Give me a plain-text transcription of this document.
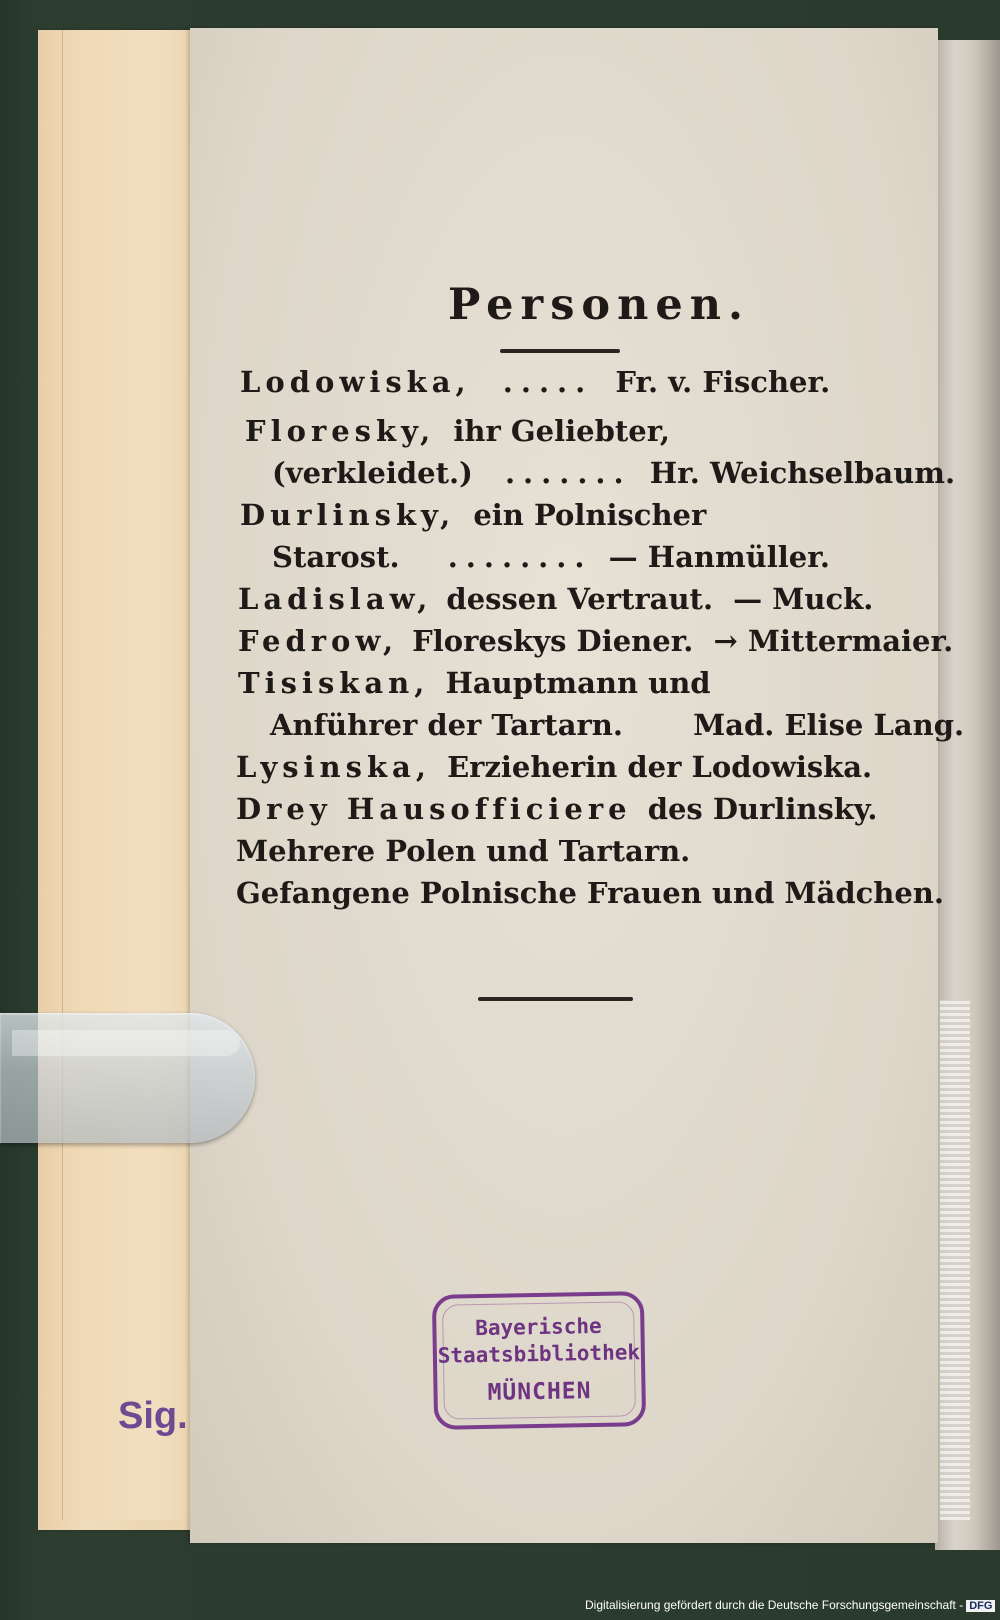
Personen.
Lodowiska, ..... Fr. v. Fischer.
Floresky, ihr Geliebter,
(verkleidet.) ....... Hr. Weichselbaum.
Durlinsky, ein Polnischer
Starost. ........ — Hanmüller.
Ladislaw, dessen Vertraut. — Muck.
Fedrow, Floreskys Diener. → Mittermaier.
Tisiskan, Hauptmann und
Anführer der Tartarn. Mad. Elise Lang.
Lysinska, Erzieherin der Lodowiska.
Drey Hausofficiere des Durlinsky.
Mehrere Polen und Tartarn.
Gefangene Polnische Frauen und Mädchen.
Bayerische
Staatsbibliothek
MÜNCHEN
Sig.
Digitalisierung gefördert durch die Deutsche Forschungsgemeinschaft - DFG
